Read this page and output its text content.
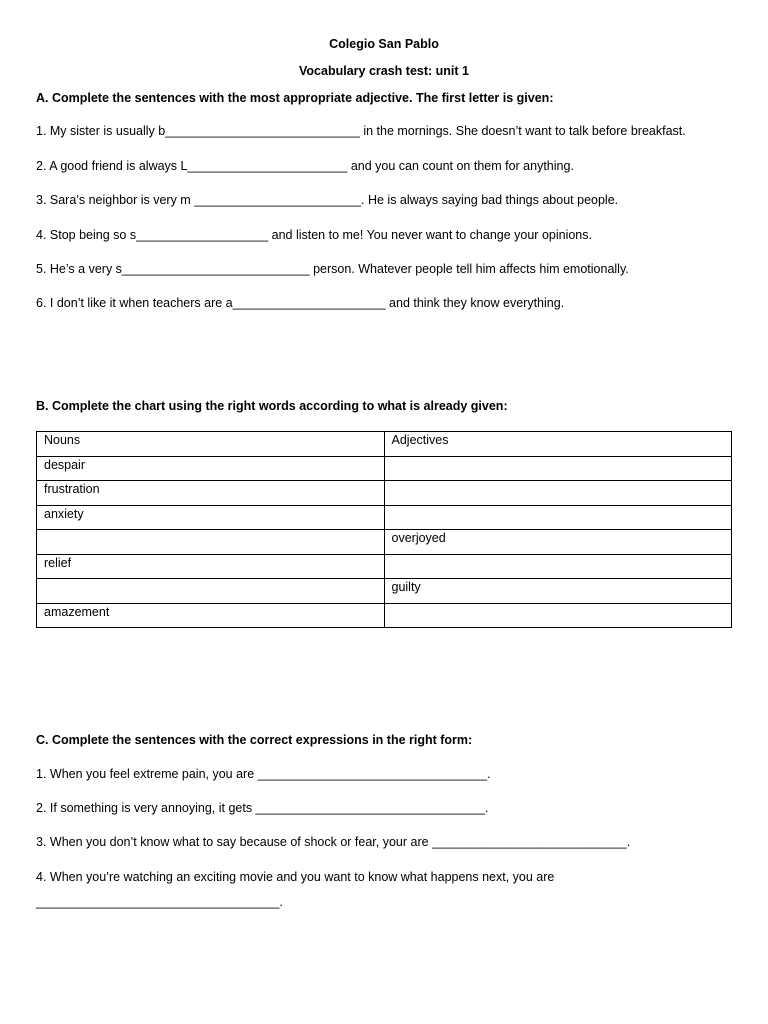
Colegio San Pablo
Vocabulary crash test: unit 1
A. Complete the sentences with the most appropriate adjective. The first letter is given:
1. My sister is usually b____________________________ in the mornings. She doesn’t want to talk before breakfast.
2. A good friend is always L_______________________ and you can count on them for anything.
3. Sara’s neighbor is very m ________________________. He is always saying bad things about people.
4. Stop being so s___________________ and listen to me! You never want to change your opinions.
5. He’s a very s___________________________ person. Whatever people tell him affects him emotionally.
6. I don’t like it when teachers are a______________________ and think they know everything.
B. Complete the chart using the right words according to what is already given:
Nouns	Adjectives
despair	
frustration	
anxiety	
	overjoyed
relief	
	guilty
amazement	
C. Complete the sentences with the correct expressions in the right form:
1. When you feel extreme pain, you are _________________________________.
2. If something is very annoying, it gets _________________________________.
3. When you don’t know what to say because of shock or fear, your are ____________________________.
4. When you’re watching an exciting movie and you want to know what happens next, you are
___________________________________.
